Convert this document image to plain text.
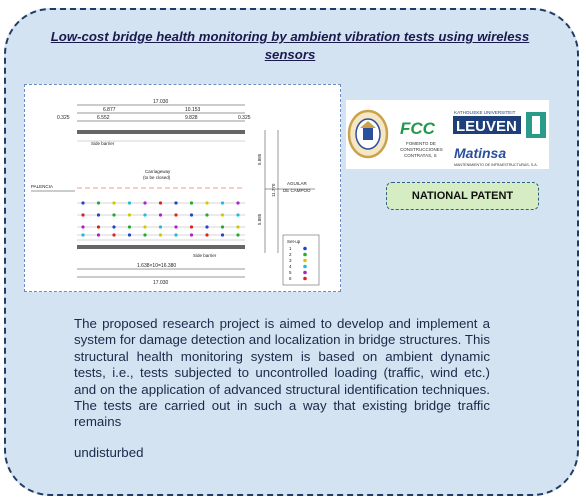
Low-cost bridge health monitoring by ambient vibration tests using wireless sensors
17.030
6.877	10.153
6.552	9.828
0.325	0.325
Side barrier
Carriageway
(to be closed)
PALENCIA
AGUILAR
DE CAMPOO
5.885
5.885
11.770
Side barrier
1.638×10=16.380
17.030
Set-up
1
2
3
4
5
6
FCC
FOMENTO DE
CONSTRUCCIONES
CONTRATAS, S
KATHOLIEKE UNIVERSITEIT
LEUVEN
Matinsa
MANTENIMIENTO DE INFRAESTRUCTURAS, S.A.
NATIONAL PATENT

The proposed research project is aimed to develop and implement a system for damage detection and localization in bridge structures. This structural health monitoring system is based on ambient dynamic tests, i.e., tests subjected to uncontrolled loading (traffic, wind etc.) and on the application of advanced structural identification techniques. The tests are carried out in such a way that existing bridge traffic remains

undisturbed
